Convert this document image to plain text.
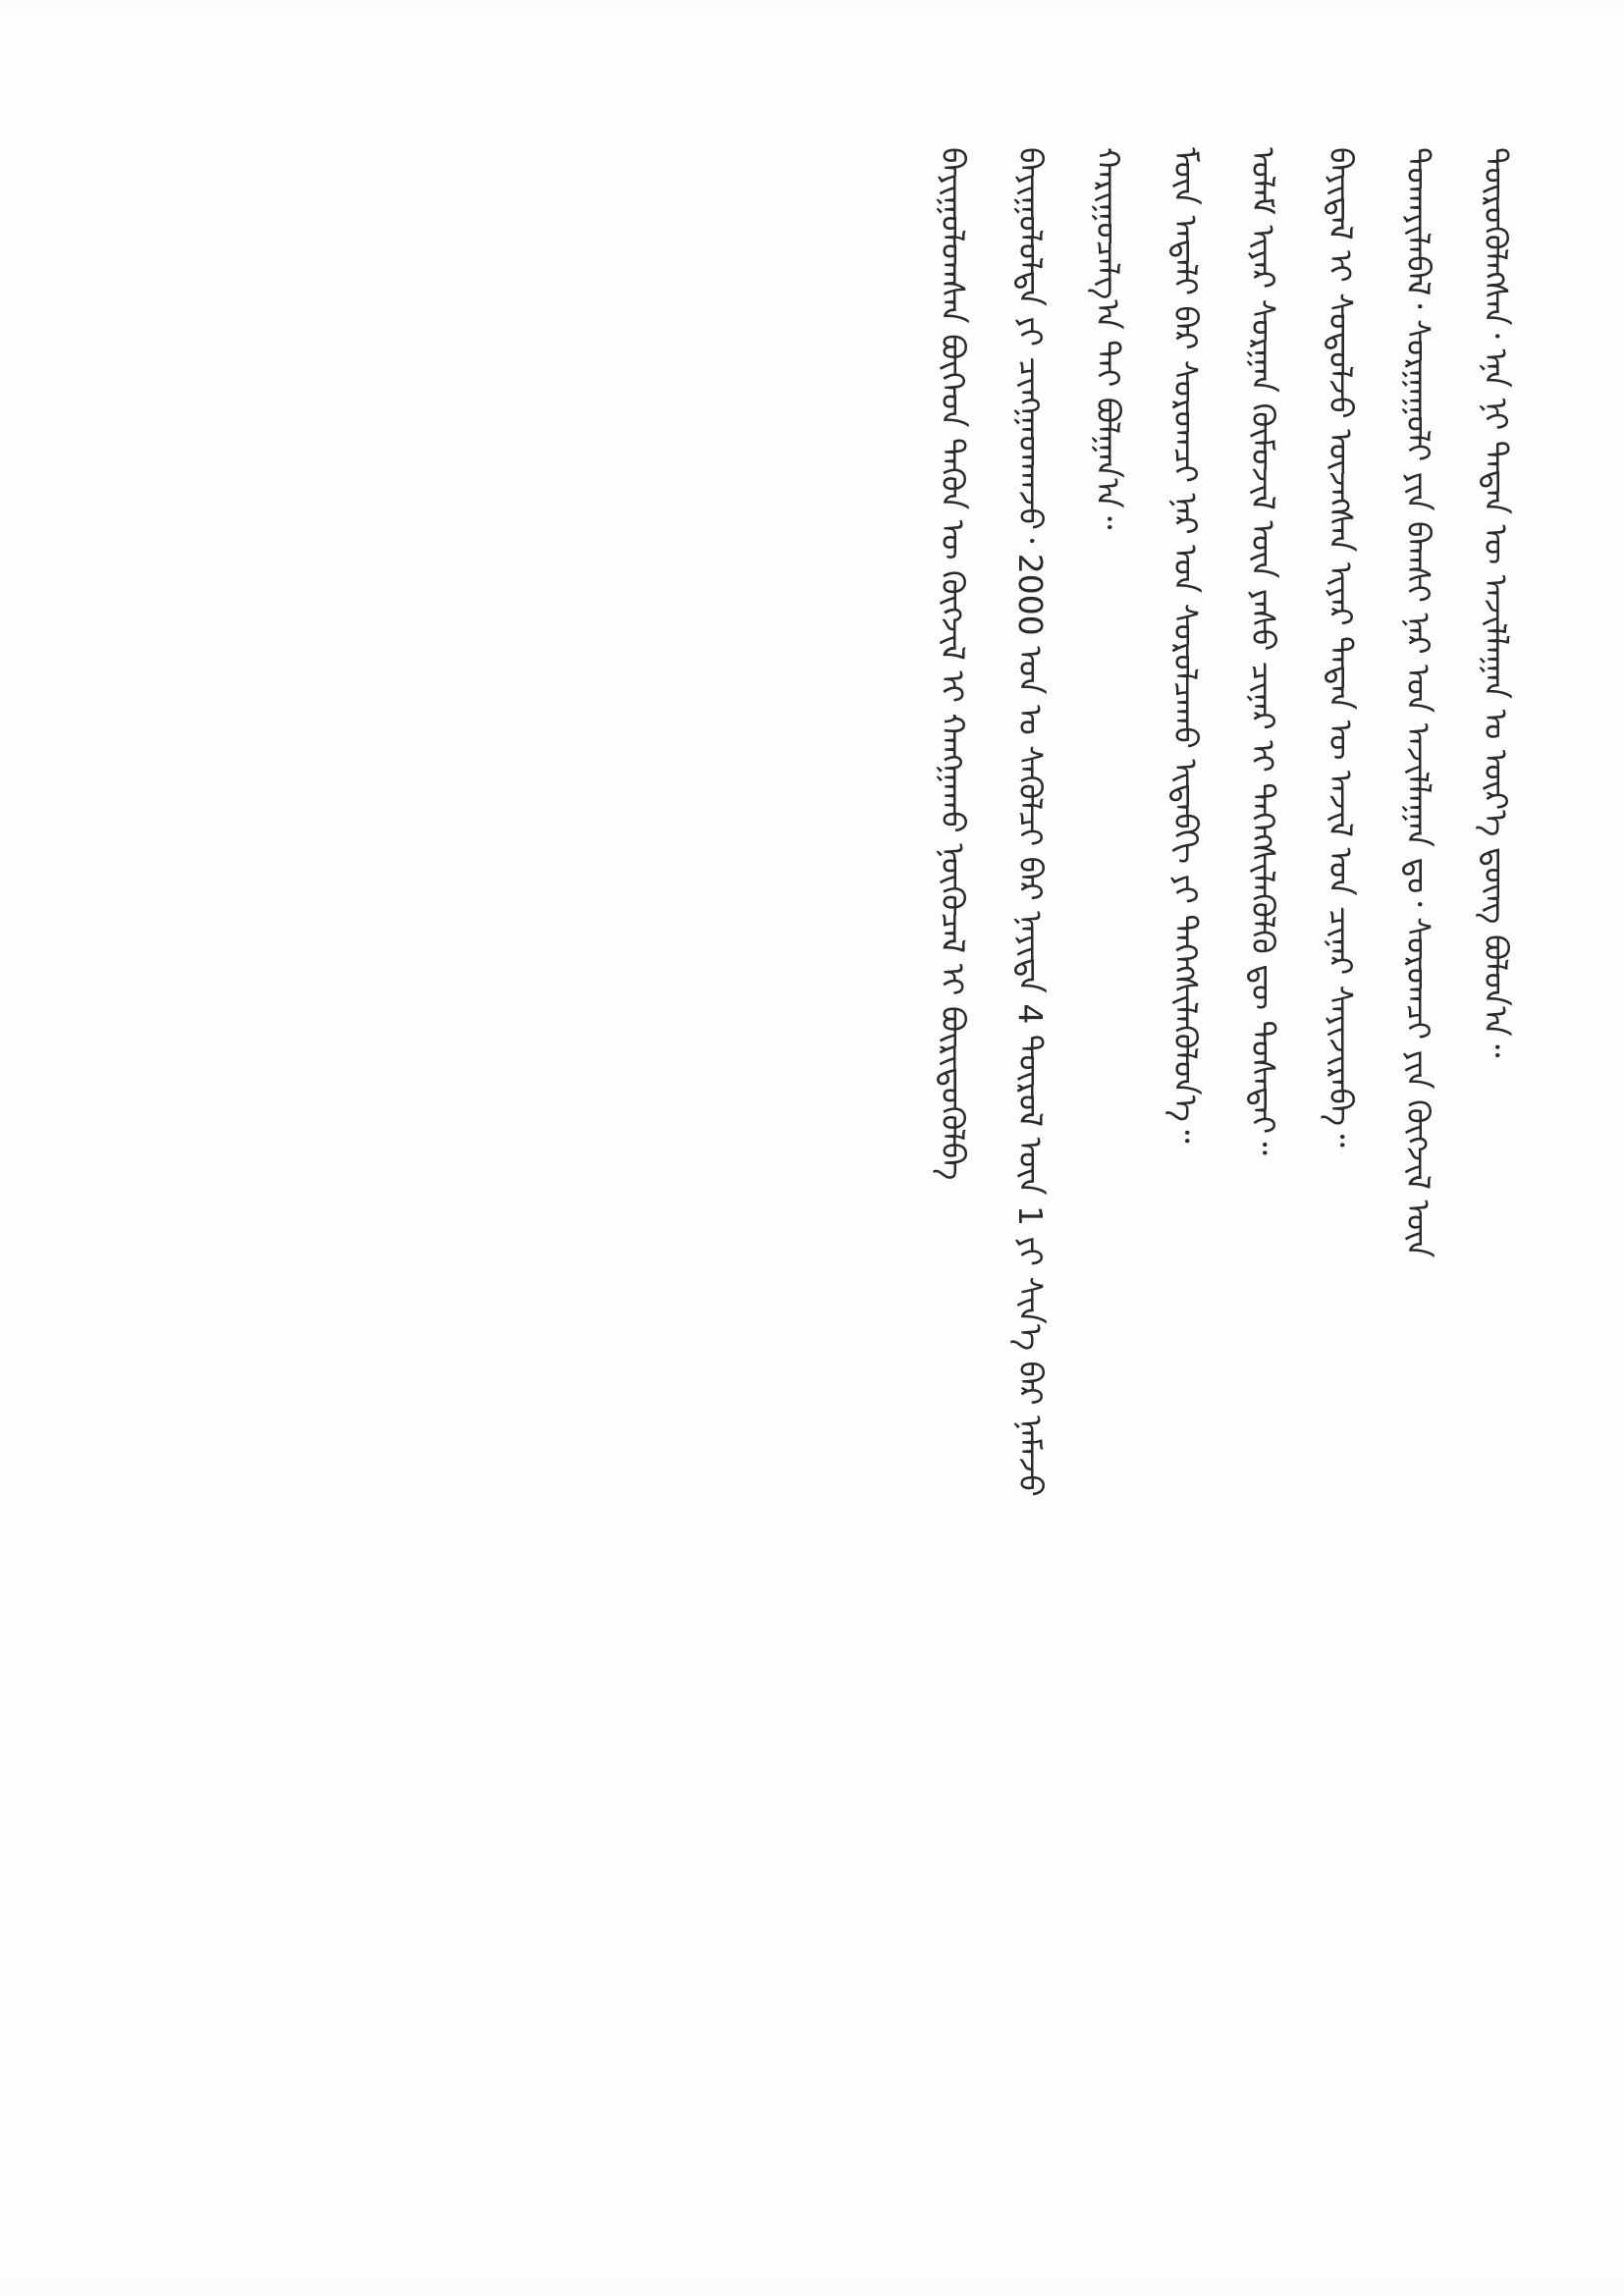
ᠲᠦᠷᠦᠭᠦᠯᠡᠭᠰᠡᠨ᠂ ᠡᠨᠡ ᠨᠢ ᠲᠡᠳᠡᠨ ᠦ ᠠᠵᠢᠯᠯᠠᠭᠠᠨ ᠤ ᠦᠷ᠎ᠡ ᠳ᠋ᠦᠩ ᠪᠣᠯᠣᠨ᠎ᠠ᠃
ᠲᠤᠬᠠᠶᠢᠯᠠᠪᠠᠯ᠂ ᠰᠤᠷᠭᠠᠭᠤᠯᠢ ᠶᠢᠨ ᠪᠠᠭᠰᠢ ᠨᠠᠷ ᠤᠨ ᠠᠵᠢᠯᠯᠠᠭᠠᠨ ᠳᠤ᠂ ᠰᠤᠷᠤᠭᠴᠢ ᠶᠢᠨ ᠬᠥᠭᠵᠢᠯ ᠦᠨ
ᠪᠠᠶᠢᠳᠠᠯ ᠢ ᠰᠤᠳᠤᠯᠵᠤ ᠦᠵᠡᠭᠰᠡᠨ ᠢᠶᠡᠷ ᠲᠡᠳᠡᠨ ᠦ ᠠᠵᠢᠯ ᠤᠨ ᠴᠢᠨᠠᠷ ᠰᠠᠶᠢᠵᠢᠷᠠᠪᠠ᠃
ᠤᠯᠠᠮ ᠢᠶᠠᠷ ᠰᠤᠷᠭᠠᠨ ᠬᠥᠮᠦᠵᠢᠯ ᠦᠨ ᠶᠠᠰᠤ ᠴᠢᠨᠠᠷ ᠢ ᠳᠡᠭᠡᠭᠰᠢᠯᠡᠭᠦᠯᠬᠦ ᠳᠦ ᠲᠤᠰᠠᠲᠠᠢ᠃
ᠮᠥᠨ ᠠᠳᠠᠯᠢ ᠪᠠᠷ ᠰᠤᠷᠤᠭᠴᠢ ᠨᠠᠷ ᠤᠨ ᠰᠤᠷᠤᠯᠴᠠᠬᠤ ᠢᠳᠡᠪᠬᠢ ᠶᠢ ᠳᠡᠭᠡᠭᠰᠢᠯᠡᠭᠦᠯᠦᠨ᠎ᠡ᠃
ᠬᠠᠷᠢᠭᠤᠴᠠᠯᠭ᠎ᠠ ᠲᠠᠢ ᠪᠣᠯᠭᠠᠨ᠎ᠠ᠃
ᠪᠠᠶᠢᠭᠤᠯᠤᠯᠲᠠ ᠶᠢ ᠴᠢᠩᠭᠠᠳᠬᠠᠵᠤ᠂ 2000 ᠣᠨ ᠤ ᠰᠡᠭᠦᠯᠴᠢ ᠪᠡᠷ ᠨᠡᠶᠢᠲᠡ 4 ᠲᠥᠷᠥᠯ ᠦᠨ 1 ᠶᠢ ᠰᠢᠨ᠎ᠡ ᠪᠡᠷ ᠨᠡᠮᠡᠵᠦ
ᠪᠠᠶᠢᠭᠤᠯᠤᠭᠰᠠᠨ ᠪᠥᠭᠡᠳ ᠲᠡᠭᠦᠨ ᠦ ᠬᠥᠭᠵᠢᠯ ᠢ ᠬᠠᠩᠭᠠᠬᠤ ᠨᠥᠬᠥᠴᠡᠯ ᠢ ᠪᠦᠷᠢᠳᠦᠭᠦᠯᠪᠡ
